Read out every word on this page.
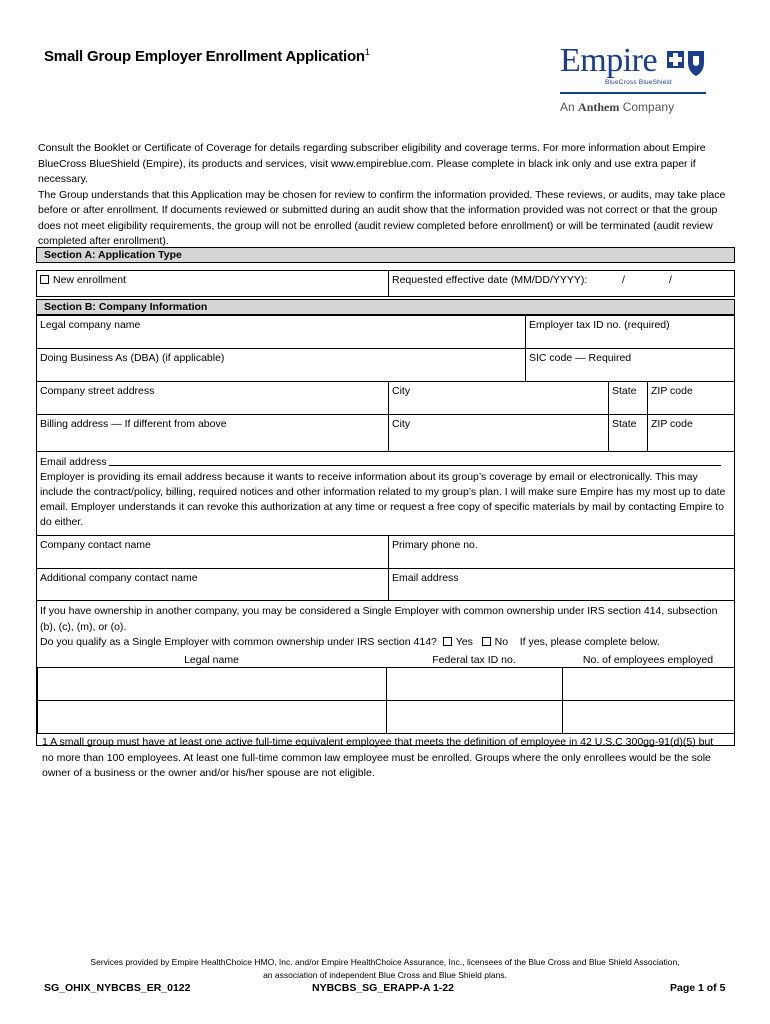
Small Group Employer Enrollment Application$^1$	Empire
BlueCross BlueShield
An Anthem Company

Consult the Booklet or Certificate of Coverage for details regarding subscriber eligibility and coverage terms. For more information about Empire BlueCross BlueShield (Empire), its products and services, visit www.empireblue.com. Please complete in black ink only and use extra paper if necessary.

The Group understands that this Application may be chosen for review to confirm the information provided. These reviews, or audits, may take place before or after enrollment. If documents reviewed or submitted during an audit show that the information provided was not correct or that the group does not meet eligibility requirements, the group will not be enrolled (audit review completed before enrollment) or will be terminated (audit review completed after enrollment).

Section A: Application Type
New enrollment	Requested effective date (MM/DD/YYYY):	/	/
Section B: Company Information
Legal company name	Employer tax ID no. (required)
Doing Business As (DBA) (if applicable)	SIC code — Required
Company street address	City	State	ZIP code
Billing address — If different from above	City	State	ZIP code
Email address
Employer is providing its email address because it wants to receive information about its group’s coverage by email or electronically. This may include the contract/policy, billing, required notices and other information related to my group’s plan. I will make sure Empire has my most up to date email. Employer understands it can revoke this authorization at any time or request a free copy of specific materials by mail by contacting Empire to do either.
Company contact name	Primary phone no.
Additional company contact name	Email address
If you have ownership in another company, you may be considered a Single Employer with common ownership under IRS section 414, subsection (b), (c), (m), or (o).
Do you qualify as a Single Employer with common ownership under IRS section 414? Yes No If yes, please complete below.
Legal name	Federal tax ID no.	No. of employees employed
1 A small group must have at least one active full-time equivalent employee that meets the definition of employee in 42 U.S.C 300gg-91(d)(5) but no more than 100 employees. At least one full-time common law employee must be enrolled. Groups where the only enrollees would be the sole owner of a business or the owner and/or his/her spouse are not eligible.
Services provided by Empire HealthChoice HMO, Inc. and/or Empire HealthChoice Assurance, Inc., licensees of the Blue Cross and Blue Shield Association,
an association of independent Blue Cross and Blue Shield plans.
SG_OHIX_NYBCBS_ER_0122	NYBCBS_SG_ERAPP-A 1-22	Page 1 of 5
